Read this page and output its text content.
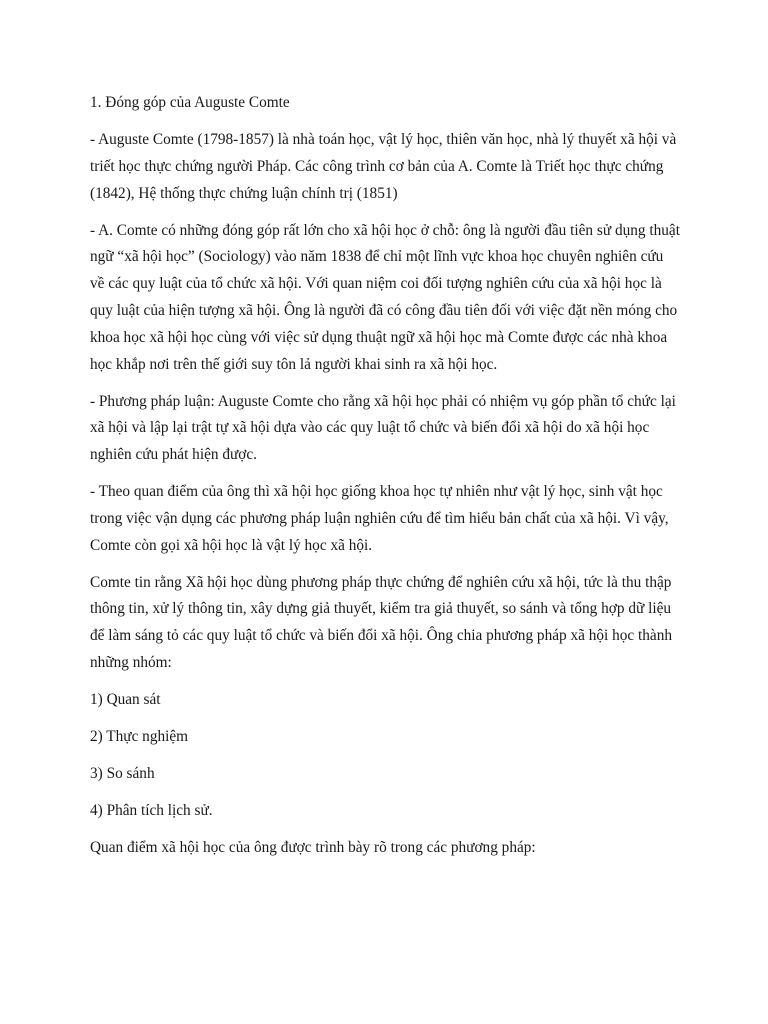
1. Đóng góp của Auguste Comte

- Auguste Comte (1798-1857) là nhà toán học, vật lý học, thiên văn học, nhà lý thuyết xã hội và triết học thực chứng người Pháp. Các công trình cơ bản của A. Comte là Triết học thực chứng (1842), Hệ thống thực chứng luận chính trị (1851)

- A. Comte có những đóng góp rất lớn cho xã hội học ở chỗ: ông là người đầu tiên sử dụng thuật ngữ “xã hội học” (Sociology) vào năm 1838 để chỉ một lĩnh vực khoa học chuyên nghiên cứu về các quy luật của tổ chức xã hội. Với quan niệm coi đối tượng nghiên cứu của xã hội học là quy luật của hiện tượng xã hội. Ông là người đã có công đầu tiên đối với việc đặt nền móng cho khoa học xã hội học cùng với việc sử dụng thuật ngữ xã hội học mà Comte được các nhà khoa học khắp nơi trên thế giới suy tôn lả người khai sinh ra xã hội học.

- Phương pháp luận: Auguste Comte cho rằng xã hội học phải có nhiệm vụ góp phần tổ chức lại xã hội và lập lại trật tự xã hội dựa vào các quy luật tổ chức và biến đổi xã hội do xã hội học nghiên cứu phát hiện được.

- Theo quan điểm của ông thì xã hội học giống khoa học tự nhiên như vật lý học, sinh vật học trong việc vận dụng các phương pháp luận nghiên cứu để tìm hiểu bản chất của xã hội. Vì vậy, Comte còn gọi xã hội học là vật lý học xã hội.

Comte tin rằng Xã hội học dùng phương pháp thực chứng để nghiên cứu xã hội, tức là thu thập thông tin, xử lý thông tin, xây dựng giả thuyết, kiểm tra giả thuyết, so sánh và tổng hợp dữ liệu để làm sáng tỏ các quy luật tổ chức và biến đổi xã hội. Ông chia phương pháp xã hội học thành những nhóm:

1) Quan sát

2) Thực nghiệm

3) So sánh

4) Phân tích lịch sử.

Quan điểm xã hội học của ông được trình bày rõ trong các phương pháp:
